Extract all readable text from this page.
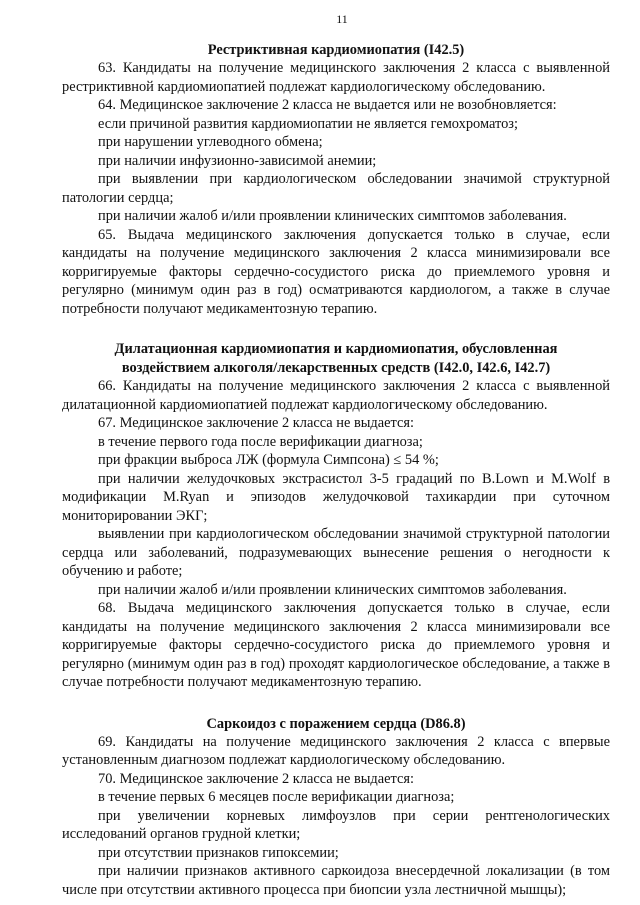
11
Рестриктивная кардиомиопатия (I42.5)
63. Кандидаты на получение медицинского заключения 2 класса с выявленной рестриктивной кардиомиопатией подлежат кардиологическому обследованию.
64. Медицинское заключение 2 класса не выдается или не возобновляется:
если причиной развития кардиомиопатии не является гемохроматоз;
при нарушении углеводного обмена;
при наличии инфузионно-зависимой анемии;
при выявлении при кардиологическом обследовании значимой структурной патологии сердца;
при наличии жалоб и/или проявлении клинических симптомов заболевания.
65. Выдача медицинского заключения допускается только в случае, если кандидаты на получение медицинского заключения 2 класса минимизировали все корригируемые факторы сердечно-сосудистого риска до приемлемого уровня и регулярно (минимум один раз в год) осматриваются кардиологом, а также в случае потребности получают медикаментозную терапию.
Дилатационная кардиомиопатия и кардиомиопатия, обусловленная
воздействием алкоголя/лекарственных средств (I42.0, I42.6, I42.7)
66. Кандидаты на получение медицинского заключения 2 класса с выявленной дилатационной кардиомиопатией подлежат кардиологическому обследованию.
67. Медицинское заключение 2 класса не выдается:
в течение первого года после верификации диагноза;
при фракции выброса ЛЖ (формула Симпсона) ≤ 54 %;
при наличии желудочковых экстрасистол 3-5 градаций по B.Lown и M.Wolf в модификации M.Ryan и эпизодов желудочковой тахикардии при суточном мониторировании ЭКГ;
выявлении при кардиологическом обследовании значимой структурной патологии сердца или заболеваний, подразумевающих вынесение решения о негодности к обучению и работе;
при наличии жалоб и/или проявлении клинических симптомов заболевания.
68. Выдача медицинского заключения допускается только в случае, если кандидаты на получение медицинского заключения 2 класса минимизировали все корригируемые факторы сердечно-сосудистого риска до приемлемого уровня и регулярно (минимум один раз в год) проходят кардиологическое обследование, а также в случае потребности получают медикаментозную терапию.
Саркоидоз с поражением сердца (D86.8)
69. Кандидаты на получение медицинского заключения 2 класса с впервые установленным диагнозом подлежат кардиологическому обследованию.
70. Медицинское заключение 2 класса не выдается:
в течение первых 6 месяцев после верификации диагноза;
при увеличении корневых лимфоузлов при серии рентгенологических исследований органов грудной клетки;
при отсутствии признаков гипоксемии;
при наличии признаков активного саркоидоза внесердечной локализации (в том числе при отсутствии активного процесса при биопсии узла лестничной мышцы);
